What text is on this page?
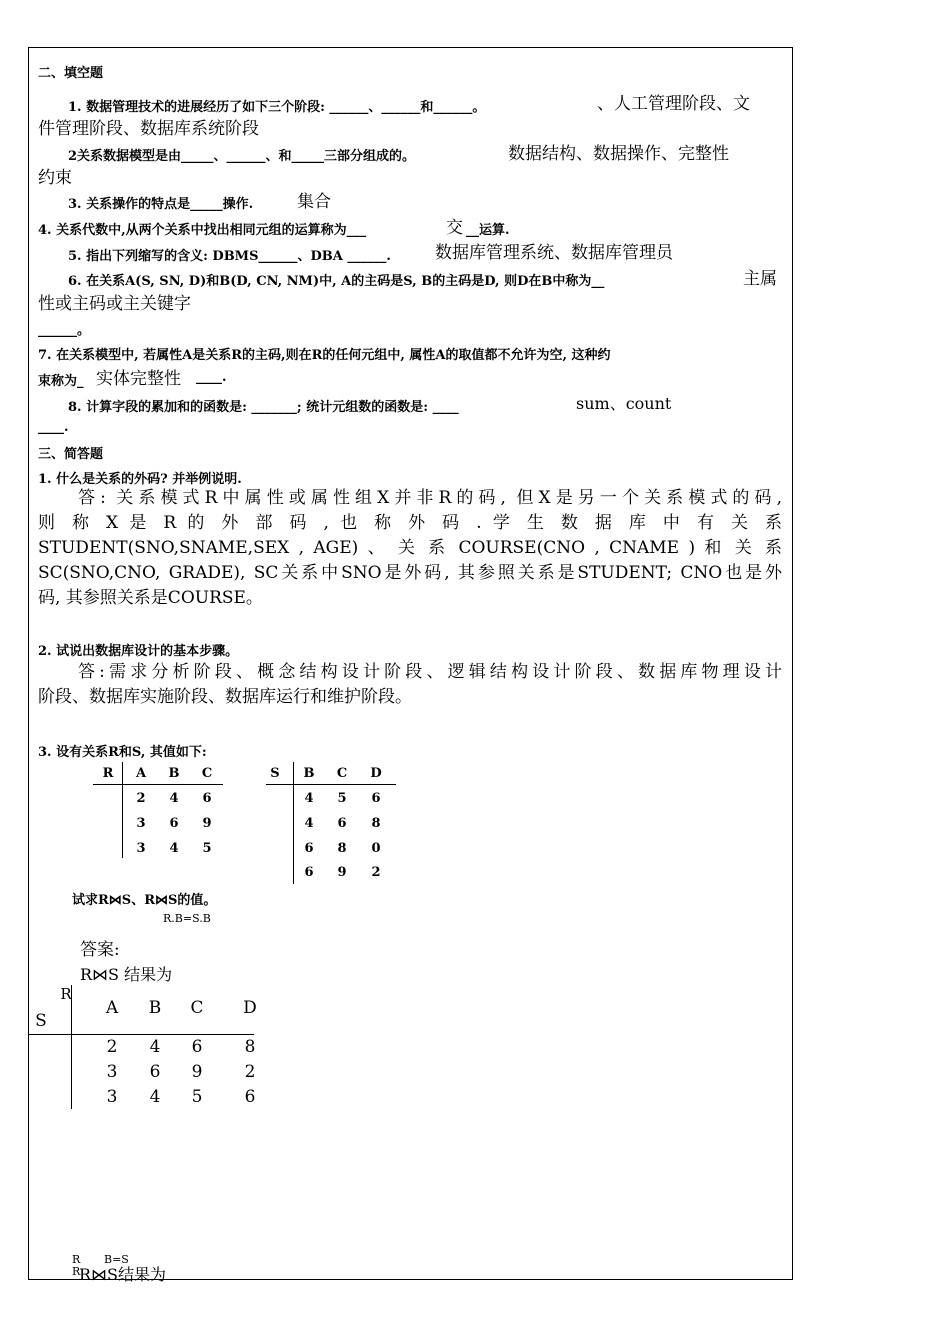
二、填空题
1. 数据管理技术的进展经历了如下三个阶段: ______、______和______。	、人工管理阶段、文
件管理阶段、数据库系统阶段
2关系数据模型是由_____、______、和_____三部分组成的。	数据结构、数据操作、完整性
约束
3. 关系操作的特点是_____操作.	集合
4. 关系代数中,从两个关系中找出相同元组的运算称为___	交 __运算.
5. 指出下列缩写的含义: DBMS______、DBA ______.	数据库管理系统、数据库管理员
6. 在关系A(S, SN, D)和B(D, CN, NM)中, A的主码是S, B的主码是D, 则D在B中称为__	主属
性或主码或主关键字
______。
7. 在关系模型中, 若属性A是关系R的主码,则在R的任何元组中, 属性A的取值都不允许为空, 这种约
束称为_ 实体完整性 ____.
8. 计算字段的累加和的函数是: _______; 统计元组数的函数是: ____	sum、count
____.
三、简答题
1. 什么是关系的外码? 并举例说明.
答: 关系模式R中属性或属性组X并非R的码, 但X是另一个关系模式的码,
则 称 X 是 R 的 外 部 码 , 也 称 外 码 . 学 生 数 据 库 中 有 关 系
STUDENT(SNO,SNAME,SEX , AGE) 、 关 系 COURSE(CNO , CNAME ) 和 关 系
SC(SNO,CNO, GRADE), SC关系中SNO是外码, 其参照关系是STUDENT; CNO也是外
码, 其参照关系是COURSE。
2. 试说出数据库设计的基本步骤。
答:需求分析阶段、概念结构设计阶段、逻辑结构设计阶段、数据库物理设计
阶段、数据库实施阶段、数据库运行和维护阶段。
3. 设有关系R和S, 其值如下:
R A B C
2 4 6
3 6 9
3 4 5
S B C D
4 5 6
4 6 8
6 8 0
6 9 2
试求R⋈S、R⋈S的值。
R.B=S.B
答案:
R⋈S 结果为
R
S
A B C D
2 4 6 8
3 6 9 2
3 4 5 6
B=S
R
R
R⋈S结果为
